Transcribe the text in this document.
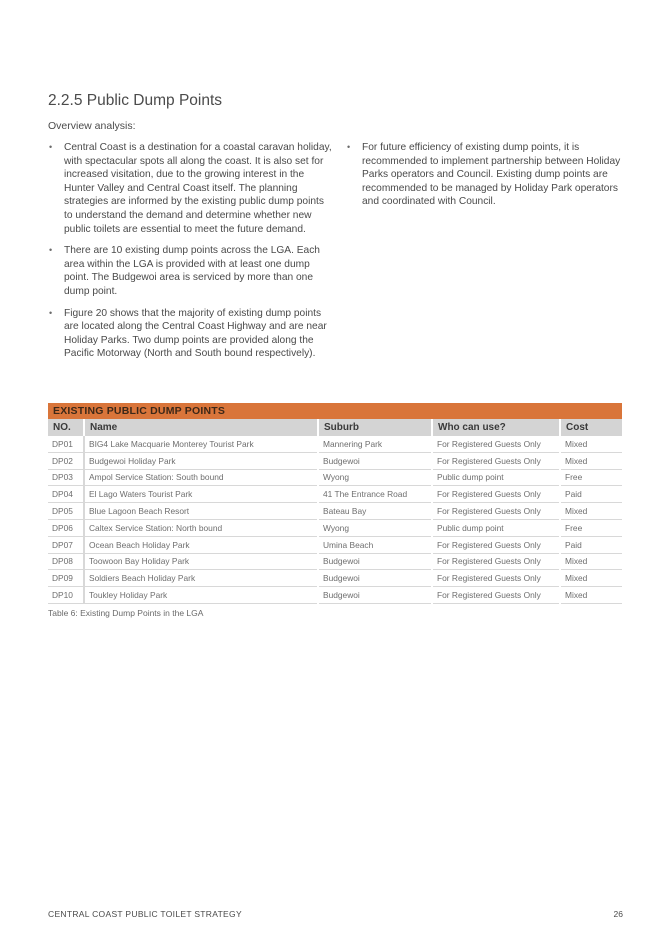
2.2.5 Public Dump Points
Overview analysis:
• Central Coast is a destination for a coastal caravan holiday, with spectacular spots all along the coast. It is also set for increased visitation, due to the growing interest in the Hunter Valley and Central Coast itself. The planning strategies are informed by the existing public dump points to understand the demand and determine whether new public toilets are essential to meet the future demand.
• There are 10 existing dump points across the LGA. Each area within the LGA is provided with at least one dump point. The Budgewoi area is serviced by more than one dump point.
• Figure 20 shows that the majority of existing dump points are located along the Central Coast Highway and are near Holiday Parks. Two dump points are provided along the Pacific Motorway (North and South bound respectively).
• For future efficiency of existing dump points, it is recommended to implement partnership between Holiday Parks operators and Council. Existing dump points are recommended to be managed by Holiday Park operators and coordinated with Council.
EXISTING PUBLIC DUMP POINTS
NO.	Name	Suburb	Who can use?	Cost
DP01	BIG4 Lake Macquarie Monterey Tourist Park	Mannering Park	For Registered Guests Only	Mixed
DP02	Budgewoi Holiday Park	Budgewoi	For Registered Guests Only	Mixed
DP03	Ampol Service Station: South bound	Wyong	Public dump point	Free
DP04	El Lago Waters Tourist Park	41 The Entrance Road	For Registered Guests Only	Paid
DP05	Blue Lagoon Beach Resort	Bateau Bay	For Registered Guests Only	Mixed
DP06	Caltex Service Station: North bound	Wyong	Public dump point	Free
DP07	Ocean Beach Holiday Park	Umina Beach	For Registered Guests Only	Paid
DP08	Toowoon Bay Holiday Park	Budgewoi	For Registered Guests Only	Mixed
DP09	Soldiers Beach Holiday Park	Budgewoi	For Registered Guests Only	Mixed
DP10	Toukley Holiday Park	Budgewoi	For Registered Guests Only	Mixed
Table 6: Existing Dump Points in the LGA
CENTRAL COAST PUBLIC TOILET STRATEGY	26
